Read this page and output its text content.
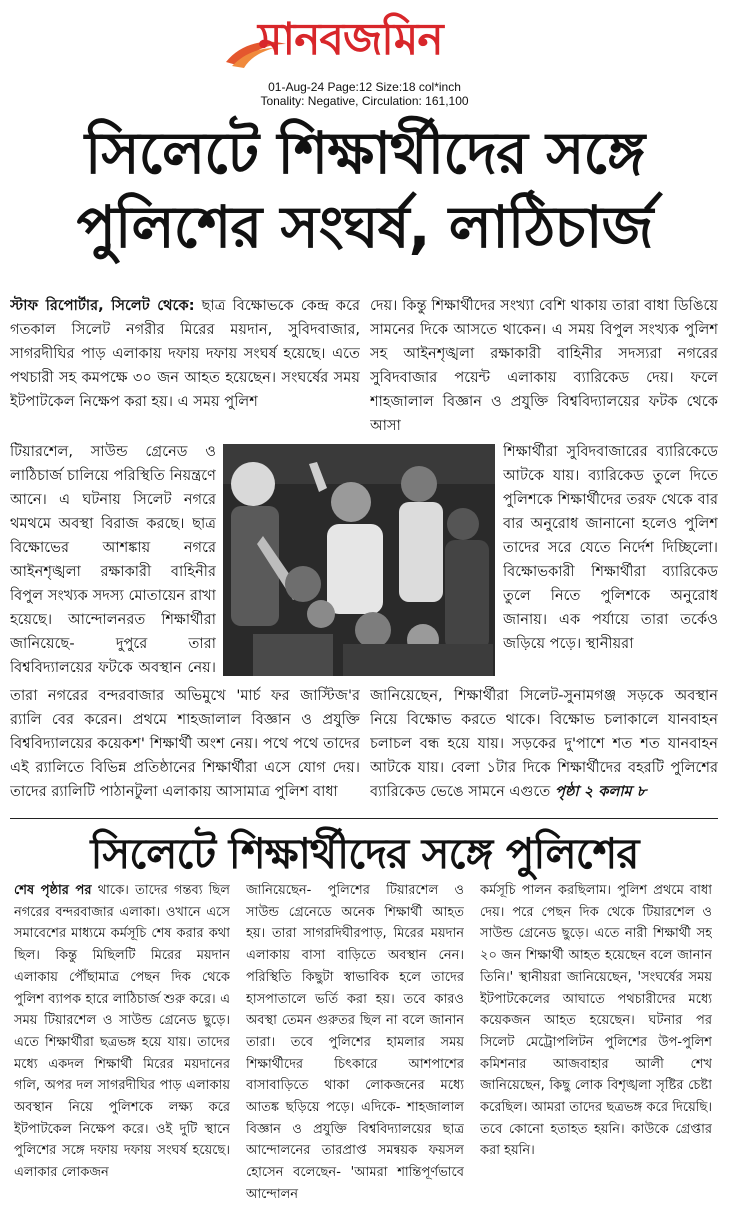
মানবজমিন
01-Aug-24 Page:12 Size:18 col*inch
Tonality: Negative, Circulation: 161,100
সিলেটে শিক্ষার্থীদের সঙ্গে
পুলিশের সংঘর্ষ, লাঠিচার্জ
স্টাফ রিপোর্টার, সিলেট থেকে: ছাত্র বিক্ষোভকে কেন্দ্র করে গতকাল সিলেট নগরীর মিরের ময়দান, সুবিদবাজার, সাগরদীঘির পাড় এলাকায় দফায় দফায় সংঘর্ষ হয়েছে। এতে পথচারী সহ কমপক্ষে ৩০ জন আহত হয়েছেন। সংঘর্ষের সময় ইটপাটকেল নিক্ষেপ করা হয়। এ সময় পুলিশ
টিয়ারশেল, সাউন্ড গ্রেনেড ও লাঠিচার্জ চালিয়ে পরিস্থিতি নিয়ন্ত্রণে আনে। এ ঘটনায় সিলেট নগরে থমথমে অবস্থা বিরাজ করছে। ছাত্র বিক্ষোভের আশঙ্কায় নগরে আইনশৃঙ্খলা রক্ষাকারী বাহিনীর বিপুল সংখ্যক সদস্য মোতায়েন রাখা হয়েছে। আন্দোলনরত শিক্ষার্থীরা জানিয়েছে- দুপুরে তারা বিশ্ববিদ্যালয়ের ফটকে অবস্থান নেয়।
দেয়। কিন্তু শিক্ষার্থীদের সংখ্যা বেশি থাকায় তারা বাধা ডিঙিয়ে সামনের দিকে আসতে থাকেন। এ সময় বিপুল সংখ্যক পুলিশ সহ আইনশৃঙ্খলা রক্ষাকারী বাহিনীর সদস্যরা নগরের সুবিদবাজার পয়েন্ট এলাকায় ব্যারিকেড দেয়। ফলে শাহজালাল বিজ্ঞান ও প্রযুক্তি বিশ্ববিদ্যালয়ের ফটক থেকে আসা
শিক্ষার্থীরা সুবিদবাজারের ব্যারিকেডে আটকে যায়। ব্যারিকেড তুলে দিতে পুলিশকে শিক্ষার্থীদের তরফ থেকে বার বার অনুরোধ জানানো হলেও পুলিশ তাদের সরে যেতে নির্দেশ দিচ্ছিলো। বিক্ষোভকারী শিক্ষার্থীরা ব্যারিকেড তুলে নিতে পুলিশকে অনুরোধ জানায়। এক পর্যায়ে তারা তর্কেও জড়িয়ে পড়ে। স্থানীয়রা
তারা নগরের বন্দরবাজার অভিমুখে 'মার্চ ফর জাস্টিজ'র র‍্যালি বের করেন। প্রথমে শাহজালাল বিজ্ঞান ও প্রযুক্তি বিশ্ববিদ্যালয়ের কয়েকশ' শিক্ষার্থী অংশ নেয়। পথে পথে তাদের এই র‍্যালিতে বিভিন্ন প্রতিষ্ঠানের শিক্ষার্থীরা এসে যোগ দেয়। তাদের র‍্যালিটি পাঠানটুলা এলাকায় আসামাত্র পুলিশ বাধা
জানিয়েছেন, শিক্ষার্থীরা সিলেট-সুনামগঞ্জ সড়কে অবস্থান নিয়ে বিক্ষোভ করতে থাকে। বিক্ষোভ চলাকালে যানবাহন চলাচল বন্ধ হয়ে যায়। সড়কের দু'পাশে শত শত যানবাহন আটকে যায়। বেলা ১টার দিকে শিক্ষার্থীদের বহরটি পুলিশের ব্যারিকেড ভেঙে সামনে এগুতে পৃষ্ঠা ২ কলাম ৮
সিলেটে শিক্ষার্থীদের সঙ্গে পুলিশের
শেষ পৃষ্ঠার পর থাকে। তাদের গন্তব্য ছিল নগরের বন্দরবাজার এলাকা। ওখানে এসে সমাবেশের মাধ্যমে কর্মসূচি শেষ করার কথা ছিল। কিন্তু মিছিলটি মিরের ময়দান এলাকায় পৌঁছামাত্র পেছন দিক থেকে পুলিশ ব্যাপক হারে লাঠিচার্জ শুরু করে। এ সময় টিয়ারশেল ও সাউন্ড গ্রেনেড ছুড়ে। এতে শিক্ষার্থীরা ছত্রভঙ্গ হয়ে যায়। তাদের মধ্যে একদল শিক্ষার্থী মিরের ময়দানের গলি, অপর দল সাগরদীঘির পাড় এলাকায় অবস্থান নিয়ে পুলিশকে লক্ষ্য করে ইটপাটকেল নিক্ষেপ করে। ওই দুটি স্থানে পুলিশের সঙ্গে দফায় দফায় সংঘর্ষ হয়েছে। এলাকার লোকজন
জানিয়েছেন- পুলিশের টিয়ারশেল ও সাউন্ড গ্রেনেডে অনেক শিক্ষার্থী আহত হয়। তারা সাগরদিঘীরপাড়, মিরের ময়দান এলাকায় বাসা বাড়িতে অবস্থান নেন। পরিস্থিতি কিছুটা স্বাভাবিক হলে তাদের হাসপাতালে ভর্তি করা হয়। তবে কারও অবস্থা তেমন গুরুতর ছিল না বলে জানান তারা। তবে পুলিশের হামলার সময় শিক্ষার্থীদের চিৎকারে আশপাশের বাসাবাড়িতে থাকা লোকজনের মধ্যে আতঙ্ক ছড়িয়ে পড়ে। এদিকে- শাহজালাল বিজ্ঞান ও প্রযুক্তি বিশ্ববিদ্যালয়ের ছাত্র আন্দোলনের তারপ্রাপ্ত সমন্বয়ক ফয়সল হোসেন বলেছেন- 'আমরা শান্তিপূর্ণভাবে আন্দোলন
কর্মসূচি পালন করছিলাম। পুলিশ প্রথমে বাধা দেয়। পরে পেছন দিক থেকে টিয়ারশেল ও সাউন্ড গ্রেনেড ছুড়ে। এতে নারী শিক্ষার্থী সহ ২০ জন শিক্ষার্থী আহত হয়েছেন বলে জানান তিনি।' স্থানীয়রা জানিয়েছেন, 'সংঘর্ষের সময় ইটপাটকেলের আঘাতে পথচারীদের মধ্যে কয়েকজন আহত হয়েছেন। ঘটনার পর সিলেট মেট্রোপলিটন পুলিশের উপ-পুলিশ কমিশনার আজবাহার আলী শেখ জানিয়েছেন, কিছু লোক বিশৃঙ্খলা সৃষ্টির চেষ্টা করেছিল। আমরা তাদের ছত্রভঙ্গ করে দিয়েছি। তবে কোনো হতাহত হয়নি। কাউকে গ্রেপ্তার করা হয়নি।
